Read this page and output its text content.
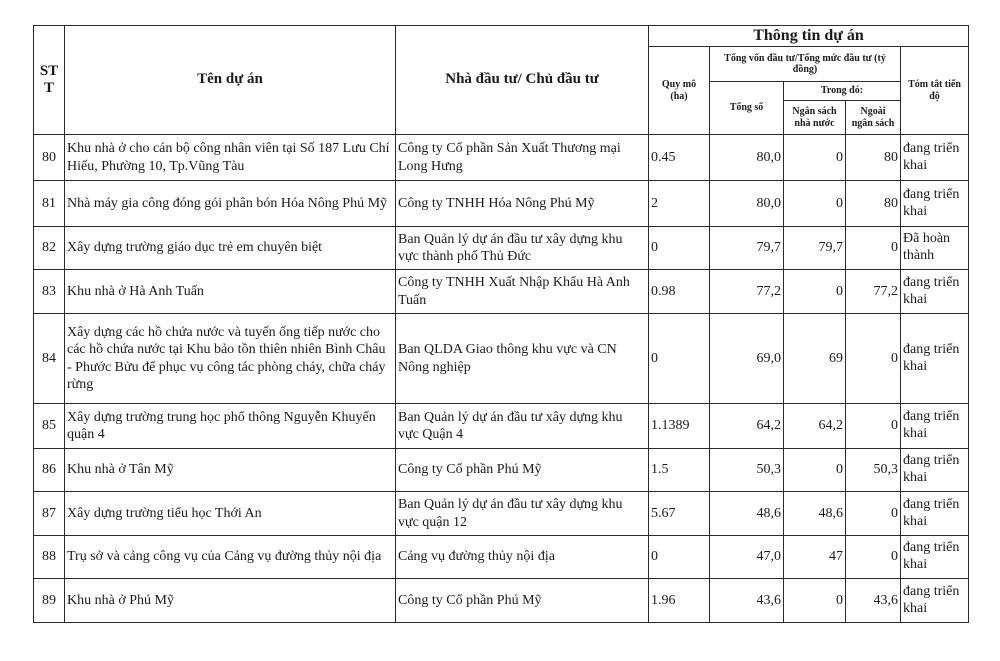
STT	Tên dự án	Nhà đầu tư/ Chủ đầu tư	Thông tin dự án				
			Quy mô (ha)	Tổng vốn đầu tư/Tổng mức đầu tư (tỷ đồng)			Tóm tắt tiến độ
				Tổng số	Trong đó:		
					Ngân sách nhà nước	Ngoài ngân sách	
80	Khu nhà ở cho cán bộ công nhân viên tại Số 187 Lưu Chí Hiếu, Phường 10, Tp.Vũng Tàu	Công ty Cổ phần Sản Xuất Thương mại Long Hưng	0.45	80,0	0	80	đang triển khai
81	Nhà máy gia công đóng gói phân bón Hóa Nông Phú Mỹ	Công ty TNHH Hóa Nông Phú Mỹ	2	80,0	0	80	đang triển khai
82	Xây dựng trường giáo dục trẻ em chuyên biệt	Ban Quản lý dự án đầu tư xây dựng khu vực thành phố Thủ Đức	0	79,7	79,7	0	Đã hoàn thành
83	Khu nhà ở Hà Anh Tuấn	Công ty TNHH Xuất Nhập Khẩu Hà Anh Tuấn	0.98	77,2	0	77,2	đang triển khai
84	Xây dựng các hồ chứa nước và tuyến ống tiếp nước cho các hồ chứa nước tại Khu bảo tồn thiên nhiên Bình Châu - Phước Bửu để phục vụ công tác phòng cháy, chữa cháy rừng	Ban QLDA Giao thông khu vực và CN Nông nghiệp	0	69,0	69	0	đang triển khai
85	Xây dựng trường trung học phổ thông Nguyễn Khuyến quận 4	Ban Quản lý dự án đầu tư xây dựng khu vực Quận 4	1.1389	64,2	64,2	0	đang triển khai
86	Khu nhà ở Tân Mỹ	Công ty Cổ phần Phú Mỹ	1.5	50,3	0	50,3	đang triển khai
87	Xây dựng trường tiểu học Thới An	Ban Quản lý dự án đầu tư xây dựng khu vực quận 12	5.67	48,6	48,6	0	đang triển khai
88	Trụ sở và cảng công vụ của Cảng vụ đường thủy nội địa	Cảng vụ đường thủy nội địa	0	47,0	47	0	đang triển khai
89	Khu nhà ở Phú Mỹ	Công ty Cổ phần Phú Mỹ	1.96	43,6	0	43,6	đang triển khai
